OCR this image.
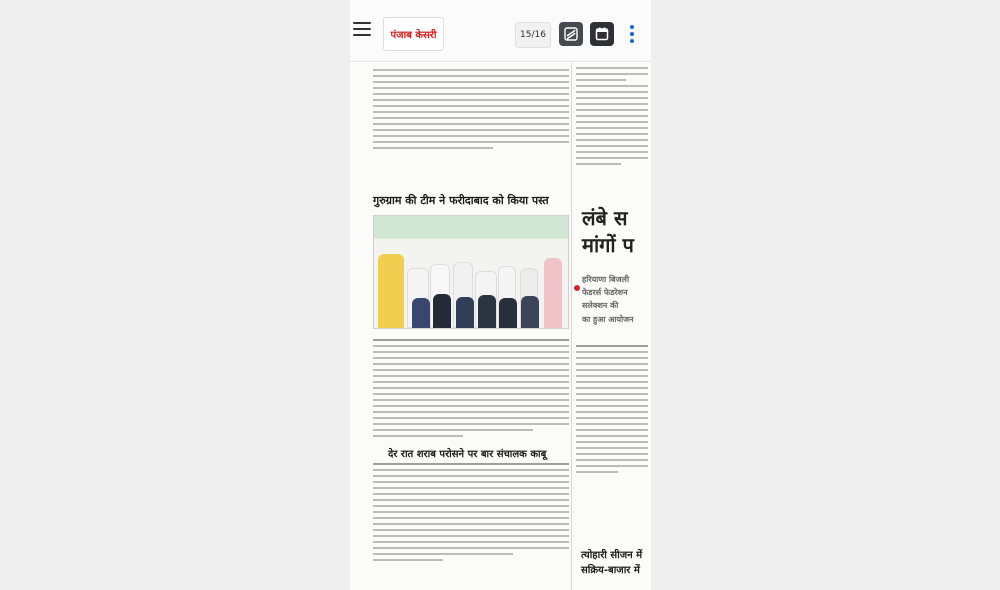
पंजाब केसरी	15/16
गुरुग्राम की टीम ने फरीदाबाद को किया पस्त
देर रात शराब परोसने पर बार संचालक काबू
लंबे स
मांगों प
हरियाणा बिजली
फेडरर्स फेडरेशन
सलेक्शन की
का हुआ आयोजन
त्योहारी सीजन में
सक्रिय-बाजार में
